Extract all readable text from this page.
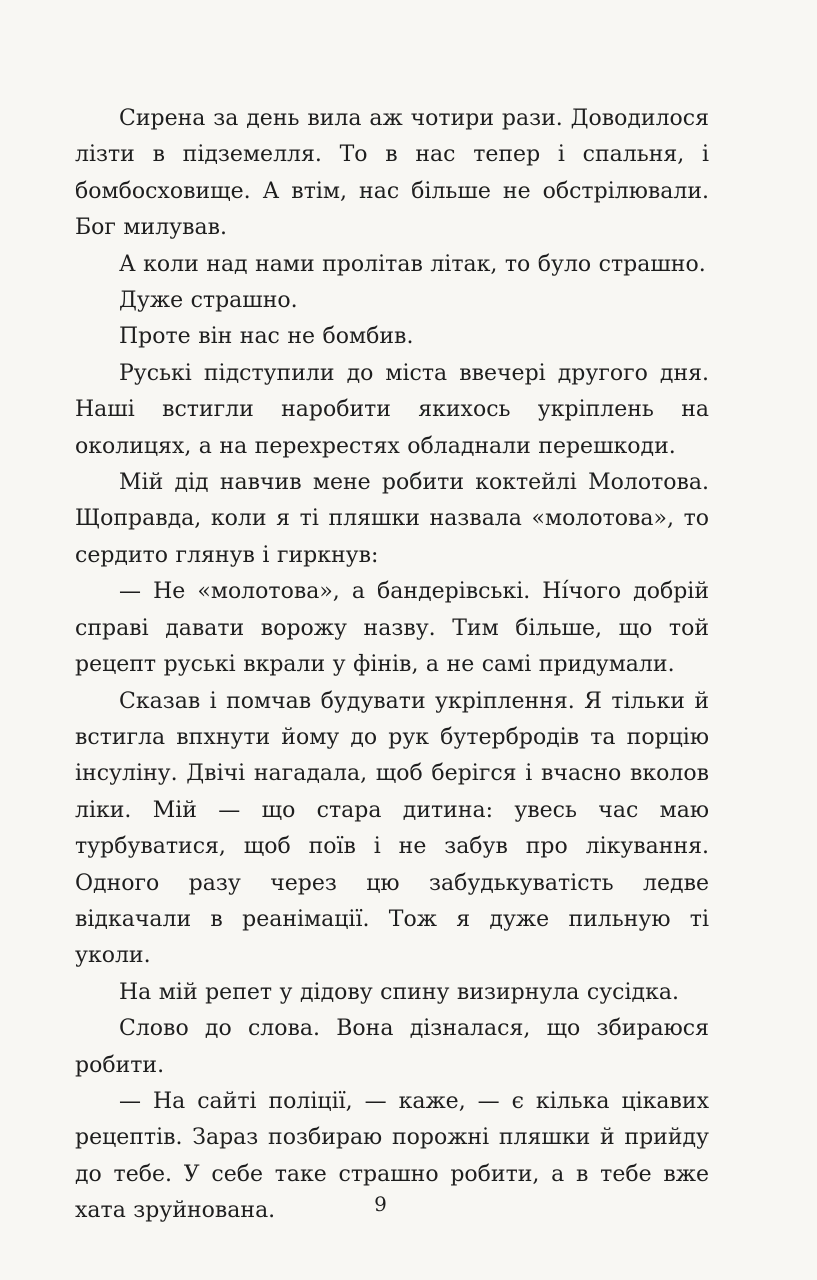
Сирена за день вила аж чотири рази. Доводилося лізти в підземелля. То в нас тепер і спальня, і бомбосховище. А втім, нас більше не обстрілювали. Бог милував.

А коли над нами пролітав літак, то було страшно.

Дуже страшно.

Проте він нас не бомбив.

Руські підступили до міста ввечері другого дня. Наші встигли наробити якихось укріплень на околицях, а на перехрестях обладнали перешкоди.

Мій дід навчив мене робити коктейлі Молотова. Щоправда, коли я ті пляшки назвала «молотова», то сердито глянув і гиркнув:

— Не «молотова», а бандерівські. Ні́чого добрій справі давати ворожу назву. Тим більше, що той рецепт руські вкрали у фінів, а не самі придумали.

Сказав і помчав будувати укріплення. Я тільки й встигла впхнути йому до рук бутербродів та порцію інсуліну. Двічі нагадала, щоб берігся і вчасно вколов ліки. Мій — що стара дитина: увесь час маю турбуватися, щоб поїв і не забув про лікування. Одного разу через цю забудькуватість ледве відкачали в реанімації. Тож я дуже пильную ті уколи.

На мій репет у дідову спину визирнула сусідка.

Слово до слова. Вона дізналася, що збираюся робити.

— На сайті поліції, — каже, — є кілька цікавих рецептів. Зараз позбираю порожні пляшки й прийду до тебе. У себе таке страшно робити, а в тебе вже хата зруйнована.	9
